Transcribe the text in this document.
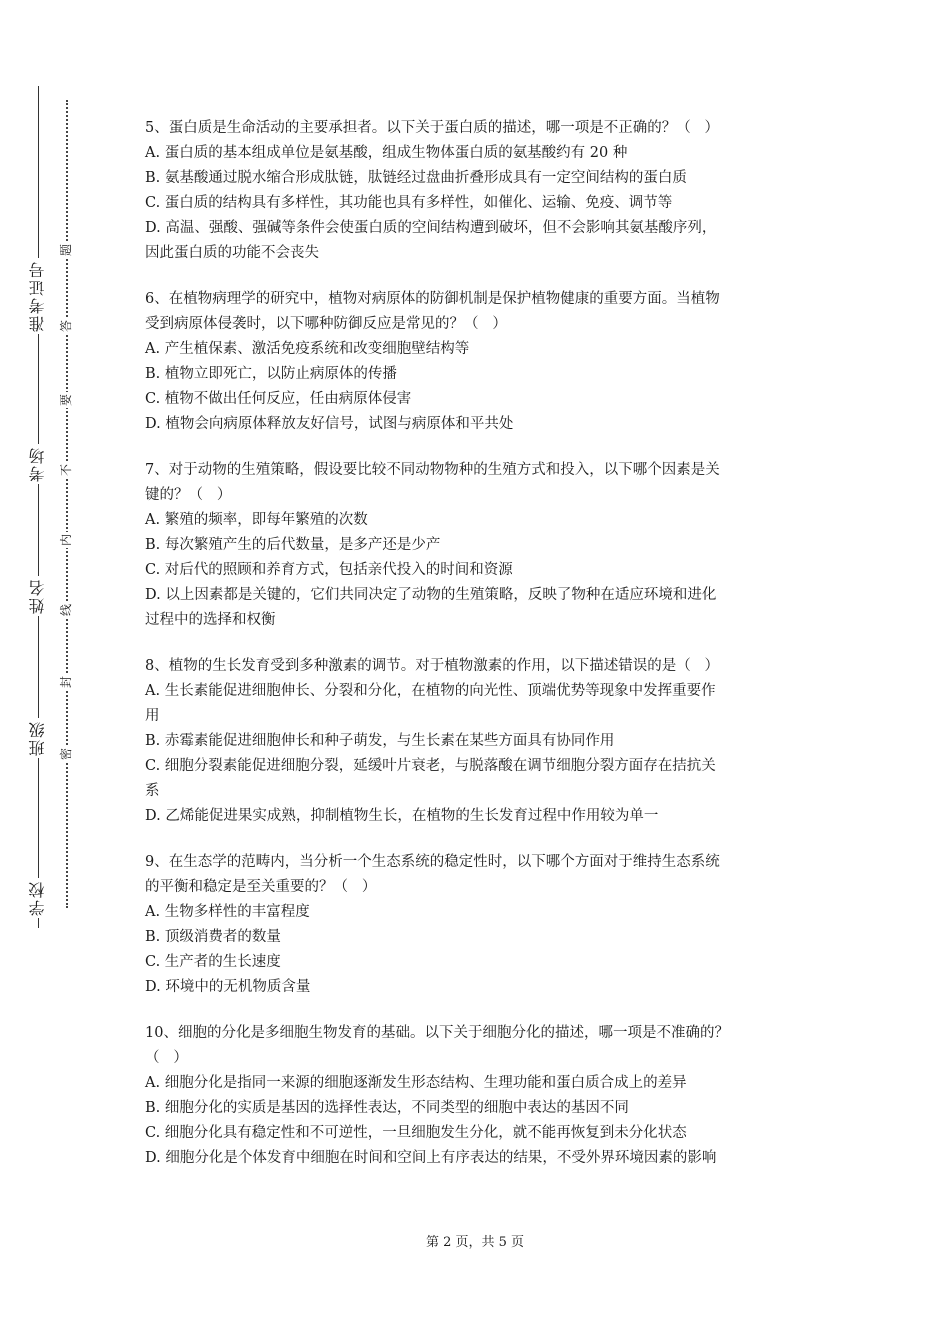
准考证号
考场
姓名
班级
学校
题
答
要
不
内
线
封
密
5、蛋白质是生命活动的主要承担者。以下关于蛋白质的描述，哪一项是不正确的？（   ）
A. 蛋白质的基本组成单位是氨基酸，组成生物体蛋白质的氨基酸约有 20 种
B. 氨基酸通过脱水缩合形成肽链，肽链经过盘曲折叠形成具有一定空间结构的蛋白质
C. 蛋白质的结构具有多样性，其功能也具有多样性，如催化、运输、免疫、调节等
D. 高温、强酸、强碱等条件会使蛋白质的空间结构遭到破坏，但不会影响其氨基酸序列，
因此蛋白质的功能不会丧失
6、在植物病理学的研究中，植物对病原体的防御机制是保护植物健康的重要方面。当植物
受到病原体侵袭时，以下哪种防御反应是常见的？（   ）
A. 产生植保素、激活免疫系统和改变细胞壁结构等
B. 植物立即死亡，以防止病原体的传播
C. 植物不做出任何反应，任由病原体侵害
D. 植物会向病原体释放友好信号，试图与病原体和平共处
7、对于动物的生殖策略，假设要比较不同动物物种的生殖方式和投入，以下哪个因素是关
键的？（   ）
A. 繁殖的频率，即每年繁殖的次数
B. 每次繁殖产生的后代数量，是多产还是少产
C. 对后代的照顾和养育方式，包括亲代投入的时间和资源
D. 以上因素都是关键的，它们共同决定了动物的生殖策略，反映了物种在适应环境和进化
过程中的选择和权衡
8、植物的生长发育受到多种激素的调节。对于植物激素的作用，以下描述错误的是（   ）
A. 生长素能促进细胞伸长、分裂和分化，在植物的向光性、顶端优势等现象中发挥重要作
用
B. 赤霉素能促进细胞伸长和种子萌发，与生长素在某些方面具有协同作用
C. 细胞分裂素能促进细胞分裂，延缓叶片衰老，与脱落酸在调节细胞分裂方面存在拮抗关
系
D. 乙烯能促进果实成熟，抑制植物生长，在植物的生长发育过程中作用较为单一
9、在生态学的范畴内，当分析一个生态系统的稳定性时，以下哪个方面对于维持生态系统
的平衡和稳定是至关重要的？（   ）
A. 生物多样性的丰富程度
B. 顶级消费者的数量
C. 生产者的生长速度
D. 环境中的无机物质含量
10、细胞的分化是多细胞生物发育的基础。以下关于细胞分化的描述，哪一项是不准确的？
（   ）
A. 细胞分化是指同一来源的细胞逐渐发生形态结构、生理功能和蛋白质合成上的差异
B. 细胞分化的实质是基因的选择性表达，不同类型的细胞中表达的基因不同
C. 细胞分化具有稳定性和不可逆性，一旦细胞发生分化，就不能再恢复到未分化状态
D. 细胞分化是个体发育中细胞在时间和空间上有序表达的结果，不受外界环境因素的影响
第 2 页，共 5 页
